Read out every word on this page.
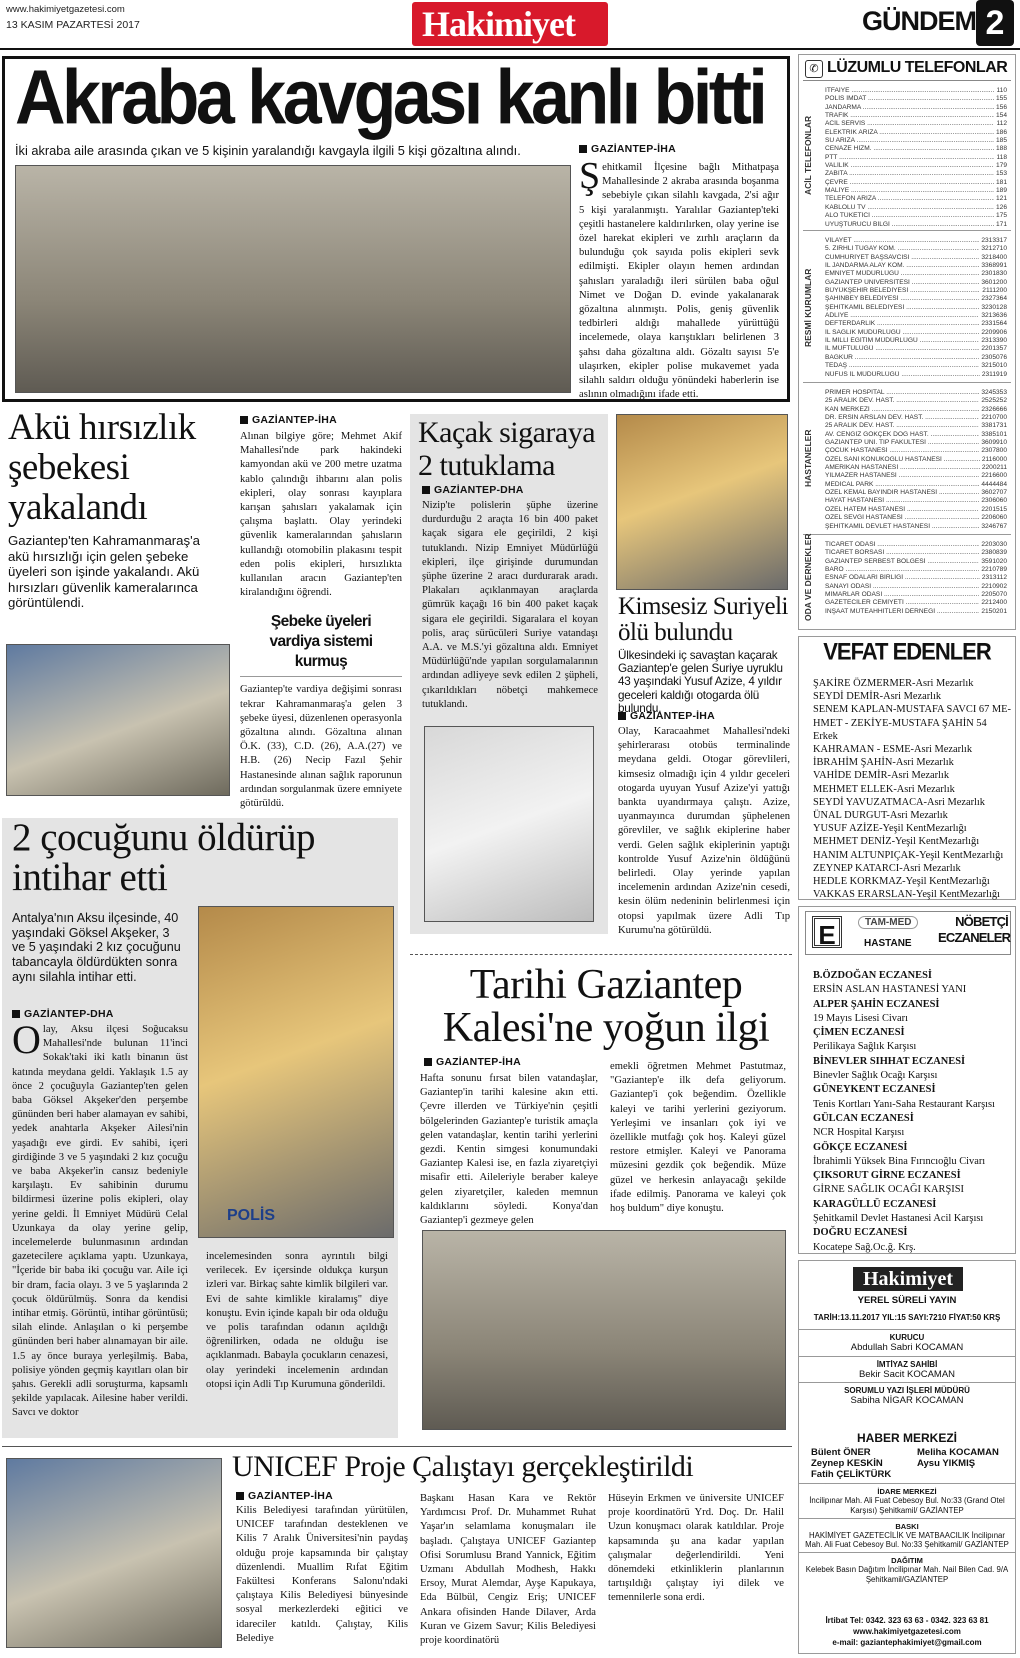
www.hakimiyetgazetesi.com
13 KASIM PAZARTESİ 2017	Hakimiyet	GÜNDEM 2
Akraba kavgası kanlı bitti
İki akraba aile arasında çıkan ve 5 kişinin yaralandığı kavgayla ilgili 5 kişi gözaltına alındı.	GAZİANTEP-İHA
Şehitkamil İlçesine bağlı Mithatpaşa Mahallesinde 2 akraba arasında boşanma sebebiyle çıkan silahlı kavgada, 2'si ağır 5 kişi yaralanmıştı. Yaralılar Gaziantep'teki çeşitli hastanelere kaldırılırken, olay yerine ise özel harekat ekipleri ve zırhlı araçların da bulunduğu çok sayıda polis ekipleri sevk edilmişti. Ekipler olayın hemen ardından şahısları yaraladığı ileri sürülen baba oğul Nimet ve Doğan D. evinde yakalanarak gözaltına alınmıştı. Polis, geniş güvenlik tedbirleri aldığı mahallede yürüttüğü incelemede, olaya karıştıkları belirlenen 3 şahsı daha gözaltına aldı. Gözaltı sayısı 5'e ulaşırken, ekipler polise mukavemet yada silahlı saldırı olduğu yönündeki haberlerin ise aslının olmadığını ifade etti.
Akü hırsızlık şebekesi yakalandı
Gaziantep'ten Kahramanmaraş'a akü hırsızlığı için gelen şebeke üyeleri son işinde yakalandı. Akü hırsızları güvenlik kameralarınca görüntülendi.
GAZİANTEP-İHA
Alınan bilgiye göre; Mehmet Akif Mahallesi'nde park hakindeki kamyondan akü ve 200 metre uzatma kablo çalındığı ihbarını alan polis ekipleri, olay sonrası kayıplara karışan şahısları yakalamak için çalışma başlattı. Olay yerindeki güvenlik kameralarından şahısların kullandığı otomobilin plakasını tespit eden polis ekipleri, hırsızlıkta kullanılan aracın Gaziantep'ten kiralandığını öğrendi.
Şebeke üyeleri vardiya sistemi kurmuş
Gaziantep'te vardiya değişimi sonrası tekrar Kahramanmaraş'a gelen 3 şebeke üyesi, düzenlenen operasyonla gözaltına alındı. Gözaltına alınan Ö.K. (33), C.D. (26), A.A.(27) ve H.B. (26) Necip Fazıl Şehir Hastanesinde alınan sağlık raporunun ardından sorgulanmak üzere emniyete götürüldü.
Kaçak sigaraya 2 tutuklama
GAZİANTEP-DHA
Nizip'te polislerin şüphe üzerine durdurduğu 2 araçta 16 bin 400 paket kaçak sigara ele geçirildi, 2 kişi tutuklandı. Nizip Emniyet Müdürlüğü ekipleri, ilçe girişinde durumundan şüphe üzerine 2 aracı durdurarak aradı. Plakaları açıklanmayan araçlarda gümrük kaçağı 16 bin 400 paket kaçak sigara ele geçirildi. Sigaralara el koyan polis, araç sürücüleri Suriye vatandaşı A.A. ve M.S.'yi gözaltına aldı. Emniyet Müdürlüğü'nde yapılan sorgulamalarının ardından adliyeye sevk edilen 2 şüpheli, çıkarıldıkları nöbetçi mahkemece tutuklandı.
Kimsesiz Suriyeli ölü bulundu
Ülkesindeki iç savaştan kaçarak Gaziantep'e gelen Suriye uyruklu 43 yaşındaki Yusuf Azize, 4 yıldır geceleri kaldığı otogarda ölü bulundu.
GAZİANTEP-İHA
Olay, Karacaahmet Mahallesi'ndeki şehirlerarası otobüs terminalinde meydana geldi. Otogar görevlileri, kimsesiz olmadığı için 4 yıldır geceleri otogarda uyuyan Yusuf Azize'yi yattığı bankta uyandırmaya çalıştı. Azize, uyanmayınca durumdan şüphelenen görevliler, ve sağlık ekiplerine haber verdi. Gelen sağlık ekiplerinin yaptığı kontrolde Yusuf Azize'nin öldüğünü belirledi. Olay yerinde yapılan incelemenin ardından Azize'nin cesedi, kesin ölüm nedeninin belirlenmesi için otopsi yapılmak üzere Adli Tıp Kurumu'na götürüldü.
2 çocuğunu öldürüp intihar etti
Antalya'nın Aksu ilçesinde, 40 yaşındaki Göksel Akşeker, 3 ve 5 yaşındaki 2 kız çocuğunu tabancayla öldürdükten sonra aynı silahla intihar etti.
POLİS
GAZİANTEP-DHA
Olay, Aksu ilçesi Soğucaksu Mahallesi'nde bulunan 11'inci Sokak'taki iki katlı binanın üst katında meydana geldi. Yaklaşık 1.5 ay önce 2 çocuğuyla Gaziantep'ten gelen baba Göksel Akşeker'den perşembe gününden beri haber alamayan ev sahibi, yedek anahtarla Akşeker Ailesi'nin yaşadığı eve girdi. Ev sahibi, içeri girdiğinde 3 ve 5 yaşındaki 2 kız çocuğu ve baba Akşeker'in cansız bedeniyle karşılaştı. Ev sahibinin durumu bildirmesi üzerine polis ekipleri, olay yerine geldi. İl Emniyet Müdürü Celal Uzunkaya da olay yerine gelip, incelemelerde bulunmasının ardından gazetecilere açıklama yaptı. Uzunkaya, "İçeride bir baba iki çocuğu var. Aile içi bir dram, facia olayı. 3 ve 5 yaşlarında 2 çocuk öldürülmüş. Sonra da kendisi intihar etmiş. Görüntü, intihar görüntüsü; silah elinde. Anlaşılan o ki perşembe gününden beri haber alınamayan bir aile. 1.5 ay önce buraya yerleşilmiş. Baba, polisiye yönden geçmiş kayıtları olan bir şahıs. Gerekli adli soruşturma, kapsamlı şekilde yapılacak. Ailesine haber verildi. Savcı ve doktor
incelemesinden sonra ayrıntılı bilgi verilecek. Ev içersinde oldukça kurşun izleri var. Birkaç sahte kimlik bilgileri var. Evi de sahte kimlikle kiralamış" diye konuştu. Evin içinde kapalı bir oda olduğu ve polis tarafından odanın açıldığı öğrenilirken, odada ne olduğu ise açıklanmadı. Babayla çocukların cenazesi, olay yerindeki incelemenin ardından otopsi için Adli Tıp Kurumuna gönderildi.
Tarihi Gaziantep Kalesi'ne yoğun ilgi
GAZİANTEP-İHA
Hafta sonunu fırsat bilen vatandaşlar, Gaziantep'in tarihi kalesine akın etti. Çevre illerden ve Türkiye'nin çeşitli bölgelerinden Gaziantep'e turistik amaçla gelen vatandaşlar, kentin tarihi yerlerini gezdi. Kentin simgesi konumundaki Gaziantep Kalesi ise, en fazla ziyaretçiyi misafir etti. Aileleriyle beraber kaleye gelen ziyaretçiler, kaleden memnun kaldıklarını söyledi. Konya'dan Gaziantep'i gezmeye gelen
emekli öğretmen Mehmet Pastutmaz, "Gaziantep'e ilk defa geliyorum. Gaziantep'i çok beğendim. Özellikle kaleyi ve tarihi yerlerini geziyorum. Yerleşimi ve insanları çok iyi ve özellikle mutfağı çok hoş. Kaleyi güzel restore etmişler. Kaleyi ve Panorama müzesini gezdik çok beğendik. Müze güzel ve herkesin anlayacağı şekilde ifade edilmiş. Panorama ve kaleyi çok hoş buldum" diye konuştu.
UNICEF Proje Çalıştayı gerçekleştirildi
GAZİANTEP-İHA
Kilis Belediyesi tarafından yürütülen, UNICEF tarafından desteklenen ve Kilis 7 Aralık Üniversitesi'nin paydaş olduğu proje kapsamında bir çalıştay düzenlendi. Muallim Rıfat Eğitim Fakültesi Konferans Salonu'ndaki çalıştaya Kilis Belediyesi bünyesinde sosyal merkezlerdeki eğitici ve idareciler katıldı. Çalıştay, Kilis Belediye
Başkanı Hasan Kara ve Rektör Yardımcısı Prof. Dr. Muhammet Ruhat Yaşar'ın selamlama konuşmaları ile başladı. Çalıştaya UNICEF Gaziantep Ofisi Sorumlusu Brand Yannick, Eğitim Uzmanı Abdullah Modhesh, Hakkı Ersoy, Murat Alemdar, Ayşe Kapukaya, Eda Bülbül, Cengiz Eriş; UNICEF Ankara ofisinden Hande Dilaver, Arda Kuran ve Gizem Savur; Kilis Belediyesi proje koordinatörü
Hüseyin Erkmen ve üniversite UNICEF proje koordinatörü Yrd. Doç. Dr. Halil Uzun konuşmacı olarak katıldılar. Proje kapsamında şu ana kadar yapılan çalışmalar değerlendirildi. Yeni dönemdeki etkinliklerin planlarının tartışıldığı çalıştay iyi dilek ve temennilerle sona erdi.
✆ LÜZUMLU TELEFONLAR
ACİL TELEFONLAR
İTFAİYE .....	110
POLİS İMDAT .....	155
JANDARMA .....	156
TRAFİK .....	154
ACİL SERVİS .....	112
ELEKTRİK ARIZA .....	186
SU ARIZA .....	185
CENAZE HİZM. .....	188
PTT .....	118
VALİLİK .....	179
ZABITA .....	153
ÇEVRE .....	181
MALİYE .....	189
TELEFON ARIZA .....	121
KABLOLU TV .....	126
ALO TÜKETİCİ .....	175
UYUŞTURUCU BİLGİ .....	171
RESMİ KURUMLAR
VİLAYET .....	2313317
5. ZIRHLI TUGAY KOM. .....	3212710
CUMHURİYET BAŞSAVCISI .....	3218400
İL JANDARMA ALAY KOM. .....	3368991
EMNİYET MÜDÜRLÜĞÜ .....	2301830
GAZİANTEP ÜNİVERSİTESİ .....	3601200
BÜYÜKŞEHİR BELEDİYESİ .....	2111200
ŞAHİNBEY BELEDİYESİ .....	2327364
ŞEHİTKAMİL BELEDİYESİ .....	3230128
ADLİYE .....	3213636
DEFTERDARLIK .....	2331564
İL SAĞLIK MÜDÜRLÜĞÜ .....	2209906
İL MİLLİ EĞİTİM MÜDÜRLÜĞÜ .....	2313390
İL MÜFTÜLÜĞÜ .....	2201357
BAĞKUR .....	2305076
TEDAŞ .....	3215010
NÜFUS İL MÜDÜRLÜĞÜ .....	2311919
HASTANELER
PRİMER HOSPİTAL .....	3245353
25 ARALIK DEV. HAST. .....	2525252
KAN MERKEZİ .....	2326666
DR. ERSİN ARSLAN DEV. HAST. .....	2210700
25 ARALIK DEV. HAST. .....	3381731
AV. CENGİZ GÖKÇEK DOĞ HAST. .....	3385101
GAZİANTEP ÜNİ. TIP FAKÜLTESİ .....	3609910
ÇOCUK HASTANESİ .....	2307800
ÖZEL SANİ KONUKOĞLU HASTANESİ .....	2116000
AMERİKAN HASTANESİ .....	2200211
YILMAZER HASTANESİ .....	2216600
MEDİCAL PARK .....	4444484
ÖZEL KEMAL BAYINDIR HASTANESİ .....	3602707
HAYAT HASTANESİ .....	2306060
ÖZEL HATEM HASTANESİ .....	2201515
ÖZEL SEVGİ HASTANESİ .....	2206060
ŞEHİTKAMİL DEVLET HASTANESİ .....	3246767
ODA VE DERNEKLER TİCARET ODASI .....	2203030
TİCARET BORSASI .....	2380839
GAZİANTEP SERBEST BÖLGESİ .....	3591020
BARO .....	2210789
ESNAF ODALARI BİRLİĞİ .....	2313112
SANAYİ ODASI .....	2210902
MİMARLAR ODASI .....	2205070
GAZETECİLER CEMİYETİ .....	2212400
İNŞAAT MÜTEAHHİTLERİ DERNEĞİ .....	2150201
VEFAT EDENLER
ŞAKİRE ÖZMERMER-Asri Mezarlık
SEYDİ DEMİR-Asri Mezarlık
SENEM KAPLAN-MUSTAFA SAVCI 67 ME-
HMET - ZEKİYE-MUSTAFA ŞAHİN 54 Erkek
KAHRAMAN - ESME-Asri Mezarlık
İBRAHİM ŞAHİN-Asri Mezarlık
VAHİDE DEMİR-Asri Mezarlık
MEHMET ELLEK-Asri Mezarlık
SEYDİ YAVUZATMACA-Asri Mezarlık
ÜNAL DURGUT-Asri Mezarlık
YUSUF AZİZE-Yeşil KentMezarlığı
MEHMET DENİZ-Yeşil KentMezarlığı
HANIM ALTUNPIÇAK-Yeşil KentMezarlığı
ZEYNEP KATARCI-Asri Mezarlık
HEDLE KORKMAZ-Yeşil KentMezarlığı
VAKKAS ERARSLAN-Yeşil KentMezarlığı
E	TAM-MED
HASTANE
NÖBETÇİ ECZANELER
B.ÖZDOĞAN ECZANESİ
ERSİN ASLAN HASTANESİ YANI
ALPER ŞAHİN ECZANESİ
19 Mayıs Lisesi Civarı
ÇİMEN ECZANESİ
Perilikaya Sağlık Karşısı
BİNEVLER SIHHAT ECZANESİ
Binevler Sağlık Ocağı Karşısı
GÜNEYKENT ECZANESİ
Tenis Kortları Yanı-Saha Restaurant Karşısı
GÜLCAN ECZANESİ
NCR Hospital Karşısı
GÖKÇE ECZANESİ
İbrahimli Yüksek Bina Fırıncıoğlu Civarı
ÇIKSORUT GİRNE ECZANESİ
GİRNE SAĞLIK OCAĞI KARŞISI
KARAGÜLLÜ ECZANESİ
Şehitkamil Devlet Hastanesi Acil Karşısı
DOĞRU ECZANESİ
Kocatepe Sağ.Oc.ğ. Krş.
Hakimiyet
YEREL SÜRELİ YAYIN
TARİH:13.11.2017 YIL:15 SAYI:7210 FİYAT:50 KRŞ
KURUCU
Abdullah Sabri KOCAMAN
İMTİYAZ SAHİBİ
Bekir Sacit KOCAMAN
SORUMLU YAZI İŞLERİ MÜDÜRÜ
Sabiha NİGAR KOCAMAN
HABER MERKEZİ
Bülent ÖNER
Zeynep KESKİN
Fatih ÇELİKTÜRK
Meliha KOCAMAN
Aysu YIKMIŞ
İDARE MERKEZİ
İncilipınar Mah. Ali Fuat Cebesoy Bul. No:33 (Grand Otel Karşısı) Şehitkamil/ GAZİANTEP
BASKI
HAKİMİYET GAZETECİLİK VE MATBAACILIK İncilipınar Mah. Ali Fuat Cebesoy Bul. No:33 Şehitkamil/ GAZİANTEP
DAĞITIM
Kelebek Basın Dağıtım İncilipınar Mah. Nail Bilen Cad. 9/A Şehitkamil/GAZİANTEP
İrtibat Tel: 0342. 323 63 63 - 0342. 323 63 81
www.hakimiyetgazetesi.com
e-mail: gaziantephakimiyet@gmail.com
